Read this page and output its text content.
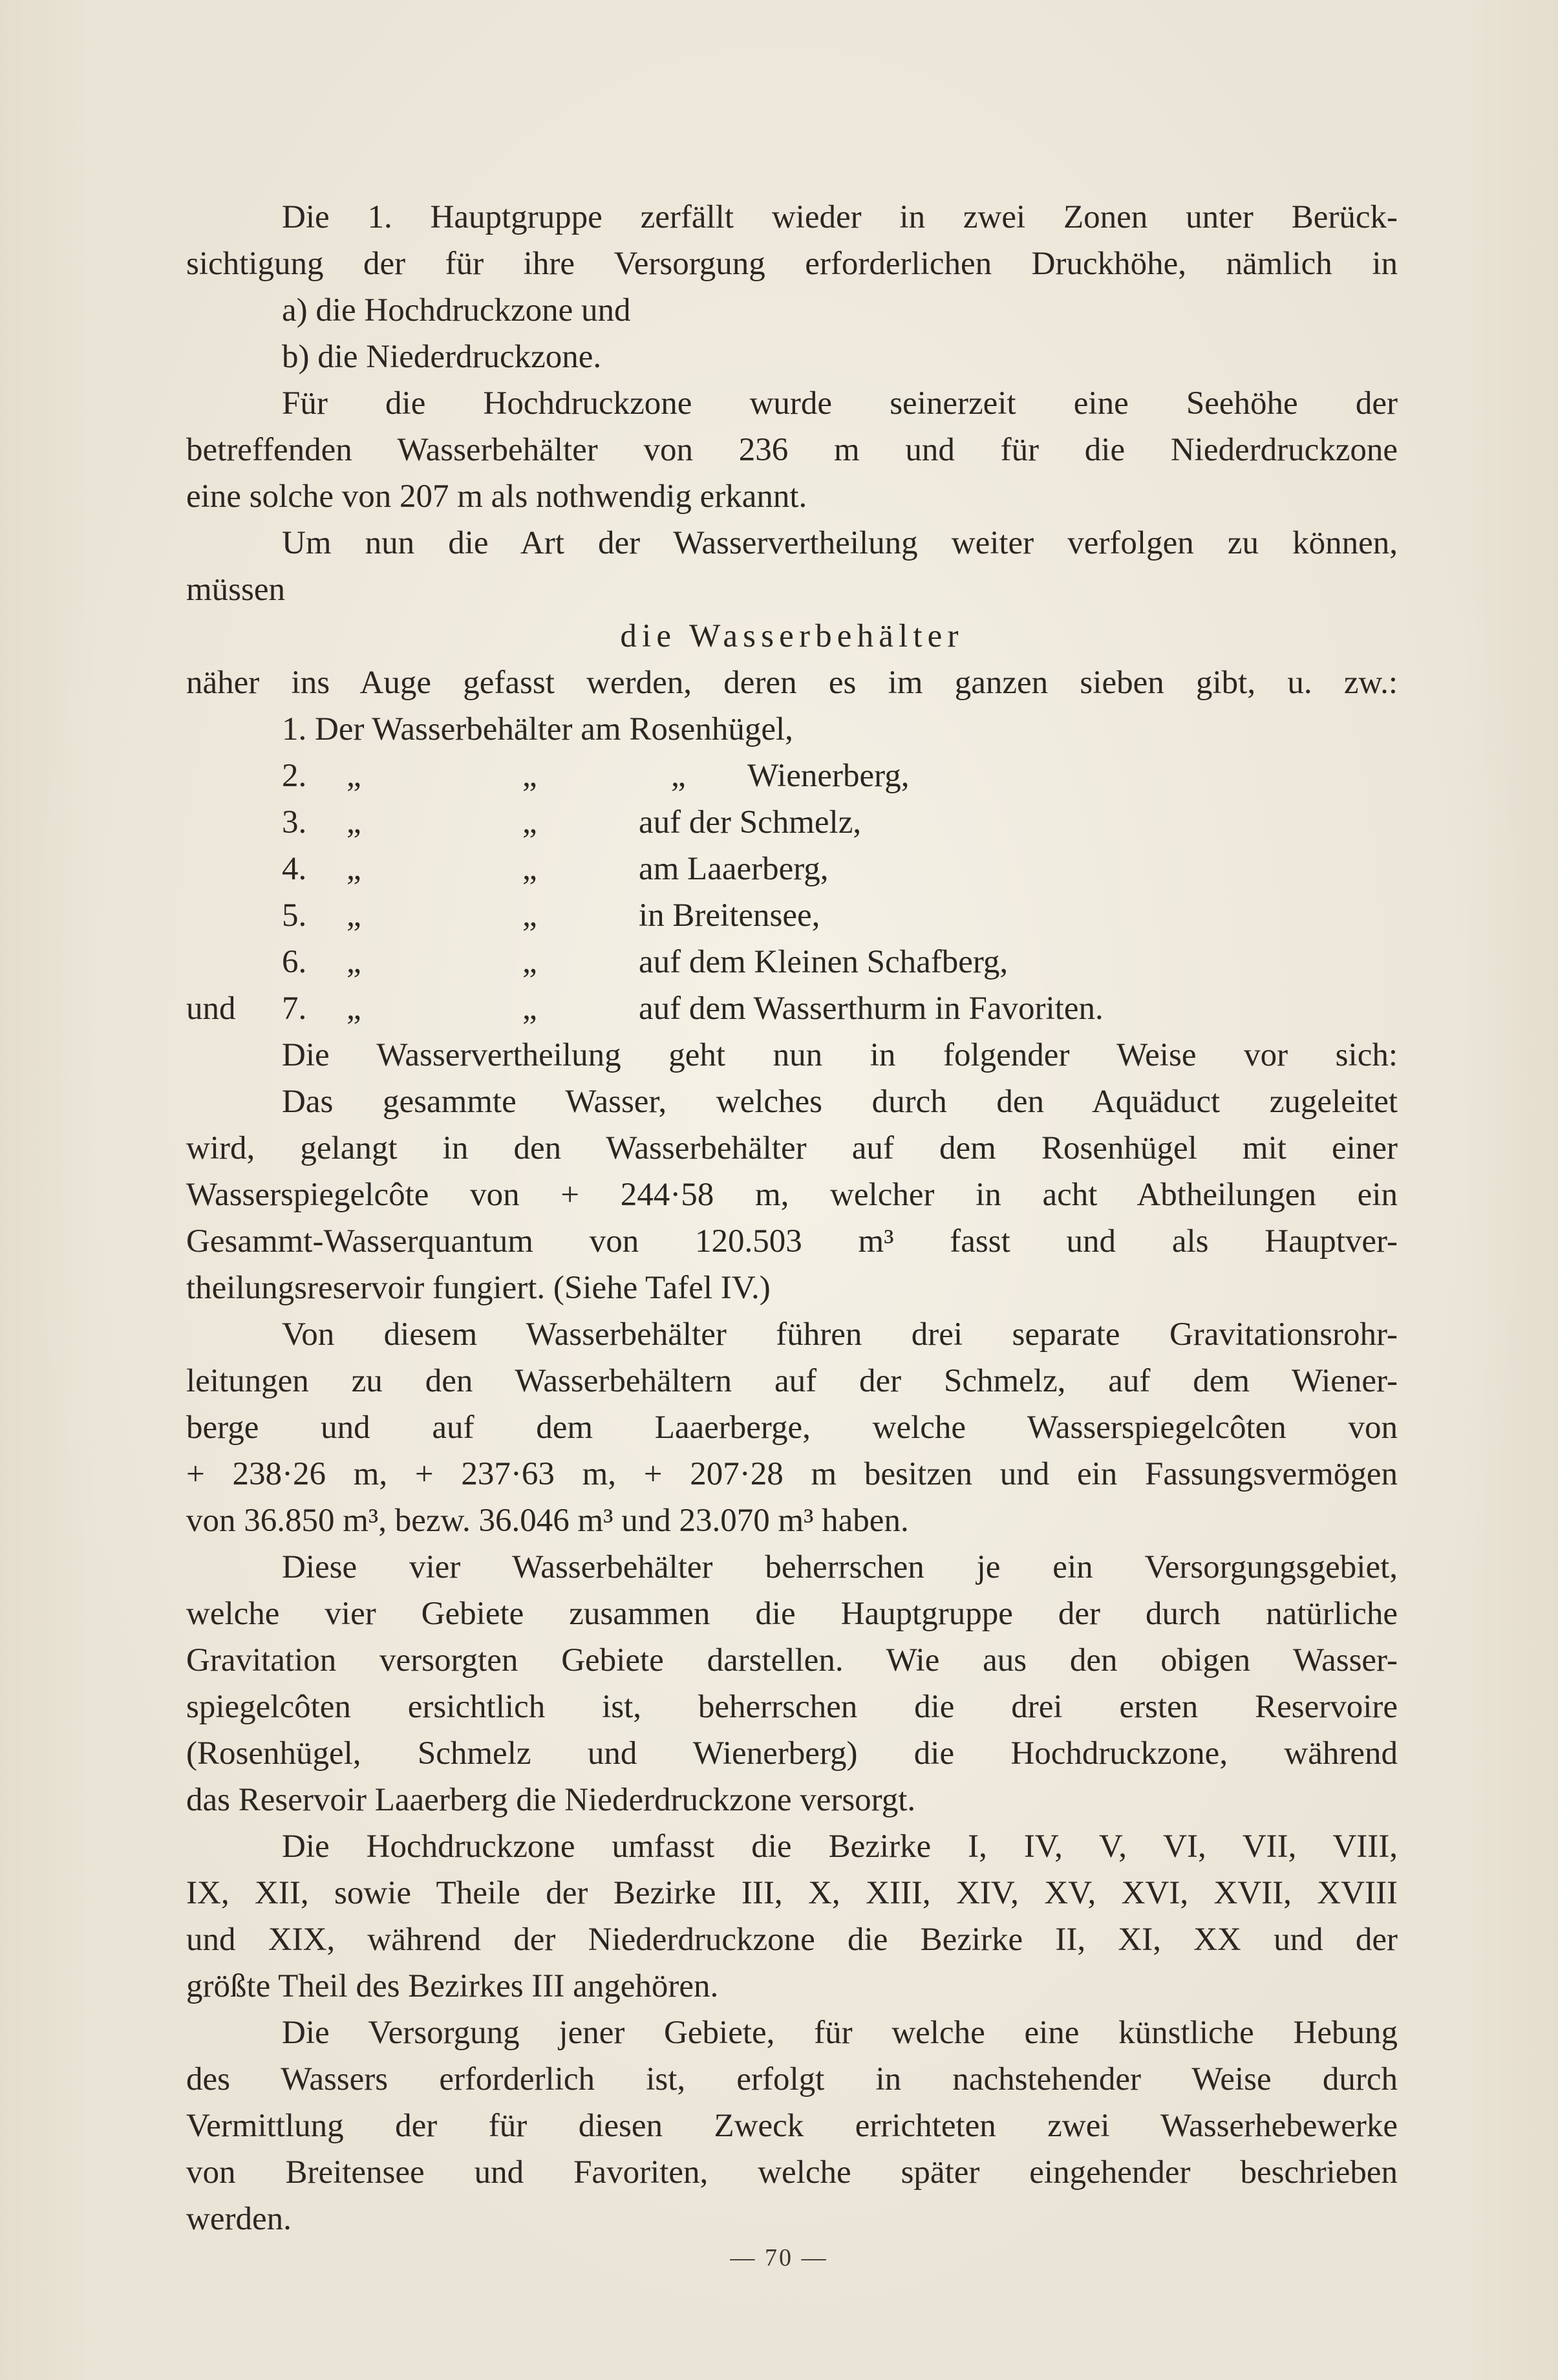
Die 1. Hauptgruppe zerfällt wieder in zwei Zonen unter Berück-
sichtigung der für ihre Versorgung erforderlichen Druckhöhe, nämlich in
a) die Hochdruckzone und
b) die Niederdruckzone.
Für die Hochdruckzone wurde seinerzeit eine Seehöhe der
betreffenden Wasserbehälter von 236 m und für die Niederdruckzone
eine solche von 207 m als nothwendig erkannt.
Um nun die Art der Wasservertheilung weiter verfolgen zu können,
müssen
die Wasserbehälter
näher ins Auge gefasst werden, deren es im ganzen sieben gibt, u. zw.:
1. Der Wasserbehälter am Rosenhügel,
2. „	„	„ Wienerberg,
3. „	„	auf der Schmelz,
4. „	„	am Laaerberg,
5. „	„	in Breitensee,
6. „	„	auf dem Kleinen Schafberg,
und 7. „	„	auf dem Wasserthurm in Favoriten.
Die Wasservertheilung geht nun in folgender Weise vor sich:
Das gesammte Wasser, welches durch den Aquäduct zugeleitet
wird, gelangt in den Wasserbehälter auf dem Rosenhügel mit einer
Wasserspiegelcôte von + 244·58 m, welcher in acht Abtheilungen ein
Gesammt-Wasserquantum von 120.503 m³ fasst und als Hauptver-
theilungsreservoir fungiert. (Siehe Tafel IV.)
Von diesem Wasserbehälter führen drei separate Gravitationsrohr-
leitungen zu den Wasserbehältern auf der Schmelz, auf dem Wiener-
berge und auf dem Laaerberge, welche Wasserspiegelcôten von
+ 238·26 m, + 237·63 m, + 207·28 m besitzen und ein Fassungsvermögen
von 36.850 m³, bezw. 36.046 m³ und 23.070 m³ haben.
Diese vier Wasserbehälter beherrschen je ein Versorgungsgebiet,
welche vier Gebiete zusammen die Hauptgruppe der durch natürliche
Gravitation versorgten Gebiete darstellen. Wie aus den obigen Wasser-
spiegelcôten ersichtlich ist, beherrschen die drei ersten Reservoire
(Rosenhügel, Schmelz und Wienerberg) die Hochdruckzone, während
das Reservoir Laaerberg die Niederdruckzone versorgt.
Die Hochdruckzone umfasst die Bezirke I, IV, V, VI, VII, VIII,
IX, XII, sowie Theile der Bezirke III, X, XIII, XIV, XV, XVI, XVII, XVIII
und XIX, während der Niederdruckzone die Bezirke II, XI, XX und der
größte Theil des Bezirkes III angehören.
Die Versorgung jener Gebiete, für welche eine künstliche Hebung
des Wassers erforderlich ist, erfolgt in nachstehender Weise durch
Vermittlung der für diesen Zweck errichteten zwei Wasserhebewerke
von Breitensee und Favoriten, welche später eingehender beschrieben
werden.
— 70 —
